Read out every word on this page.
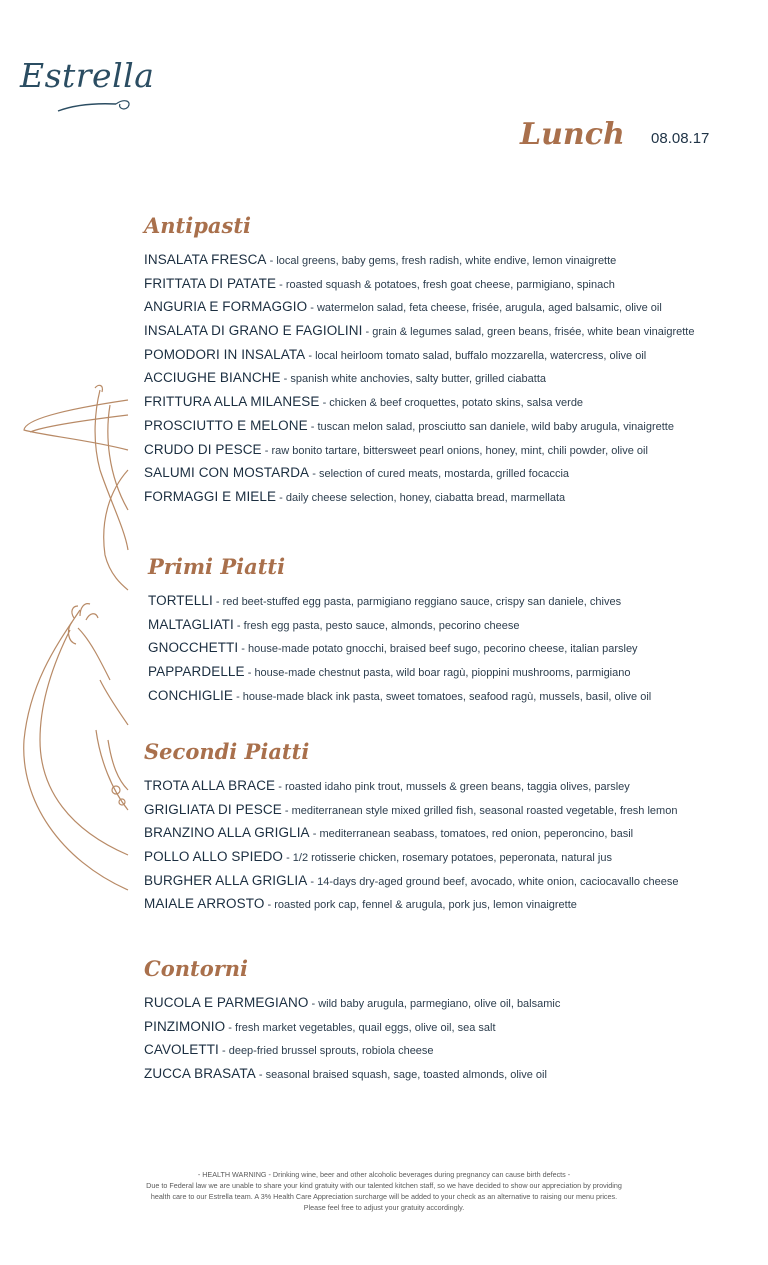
Estrella
Lunch 08.08.17
Antipasti
INSALATA FRESCA - local greens, baby gems, fresh radish, white endive, lemon vinaigrette
FRITTATA DI PATATE - roasted squash & potatoes, fresh goat cheese, parmigiano, spinach
ANGURIA E FORMAGGIO - watermelon salad, feta cheese, frisée, arugula, aged balsamic, olive oil
INSALATA DI GRANO E FAGIOLINI - grain & legumes salad, green beans, frisée, white bean vinaigrette
POMODORI IN INSALATA - local heirloom tomato salad, buffalo mozzarella, watercress, olive oil
ACCIUGHE BIANCHE - spanish white anchovies, salty butter, grilled ciabatta
FRITTURA ALLA MILANESE - chicken & beef croquettes, potato skins, salsa verde
PROSCIUTTO E MELONE - tuscan melon salad, prosciutto san daniele, wild baby arugula, vinaigrette
CRUDO DI PESCE - raw bonito tartare, bittersweet pearl onions, honey, mint, chili powder, olive oil
SALUMI CON MOSTARDA - selection of cured meats, mostarda, grilled focaccia
FORMAGGI E MIELE - daily cheese selection, honey, ciabatta bread, marmellata
Primi Piatti
TORTELLI - red beet-stuffed egg pasta, parmigiano reggiano sauce, crispy san daniele, chives
MALTAGLIATI - fresh egg pasta, pesto sauce, almonds, pecorino cheese
GNOCCHETTI - house-made potato gnocchi, braised beef sugo, pecorino cheese, italian parsley
PAPPARDELLE - house-made chestnut pasta, wild boar ragù, pioppini mushrooms, parmigiano
CONCHIGLIE - house-made black ink pasta, sweet tomatoes, seafood ragù, mussels, basil, olive oil
Secondi Piatti
TROTA ALLA BRACE - roasted idaho pink trout, mussels & green beans, taggia olives, parsley
GRIGLIATA DI PESCE - mediterranean style mixed grilled fish, seasonal roasted vegetable, fresh lemon
BRANZINO ALLA GRIGLIA - mediterranean seabass, tomatoes, red onion, peperoncino, basil
POLLO ALLO SPIEDO - 1/2 rotisserie chicken, rosemary potatoes, peperonata, natural jus
BURGHER ALLA GRIGLIA - 14-days dry-aged ground beef, avocado, white onion, caciocavallo cheese
MAIALE ARROSTO - roasted pork cap, fennel & arugula, pork jus, lemon vinaigrette
Contorni
RUCOLA E PARMEGIANO - wild baby arugula, parmegiano, olive oil, balsamic
PINZIMONIO - fresh market vegetables, quail eggs, olive oil, sea salt
CAVOLETTI - deep-fried brussel sprouts, robiola cheese
ZUCCA BRASATA - seasonal braised squash, sage, toasted almonds, olive oil
- HEALTH WARNING - Drinking wine, beer and other alcoholic beverages during pregnancy can cause birth defects -
Due to Federal law we are unable to share your kind gratuity with our talented kitchen staff, so we have decided to show our appreciation by providing
health care to our Estrella team. A 3% Health Care Appreciation surcharge will be added to your check as an alternative to raising our menu prices.
Please feel free to adjust your gratuity accordingly.
